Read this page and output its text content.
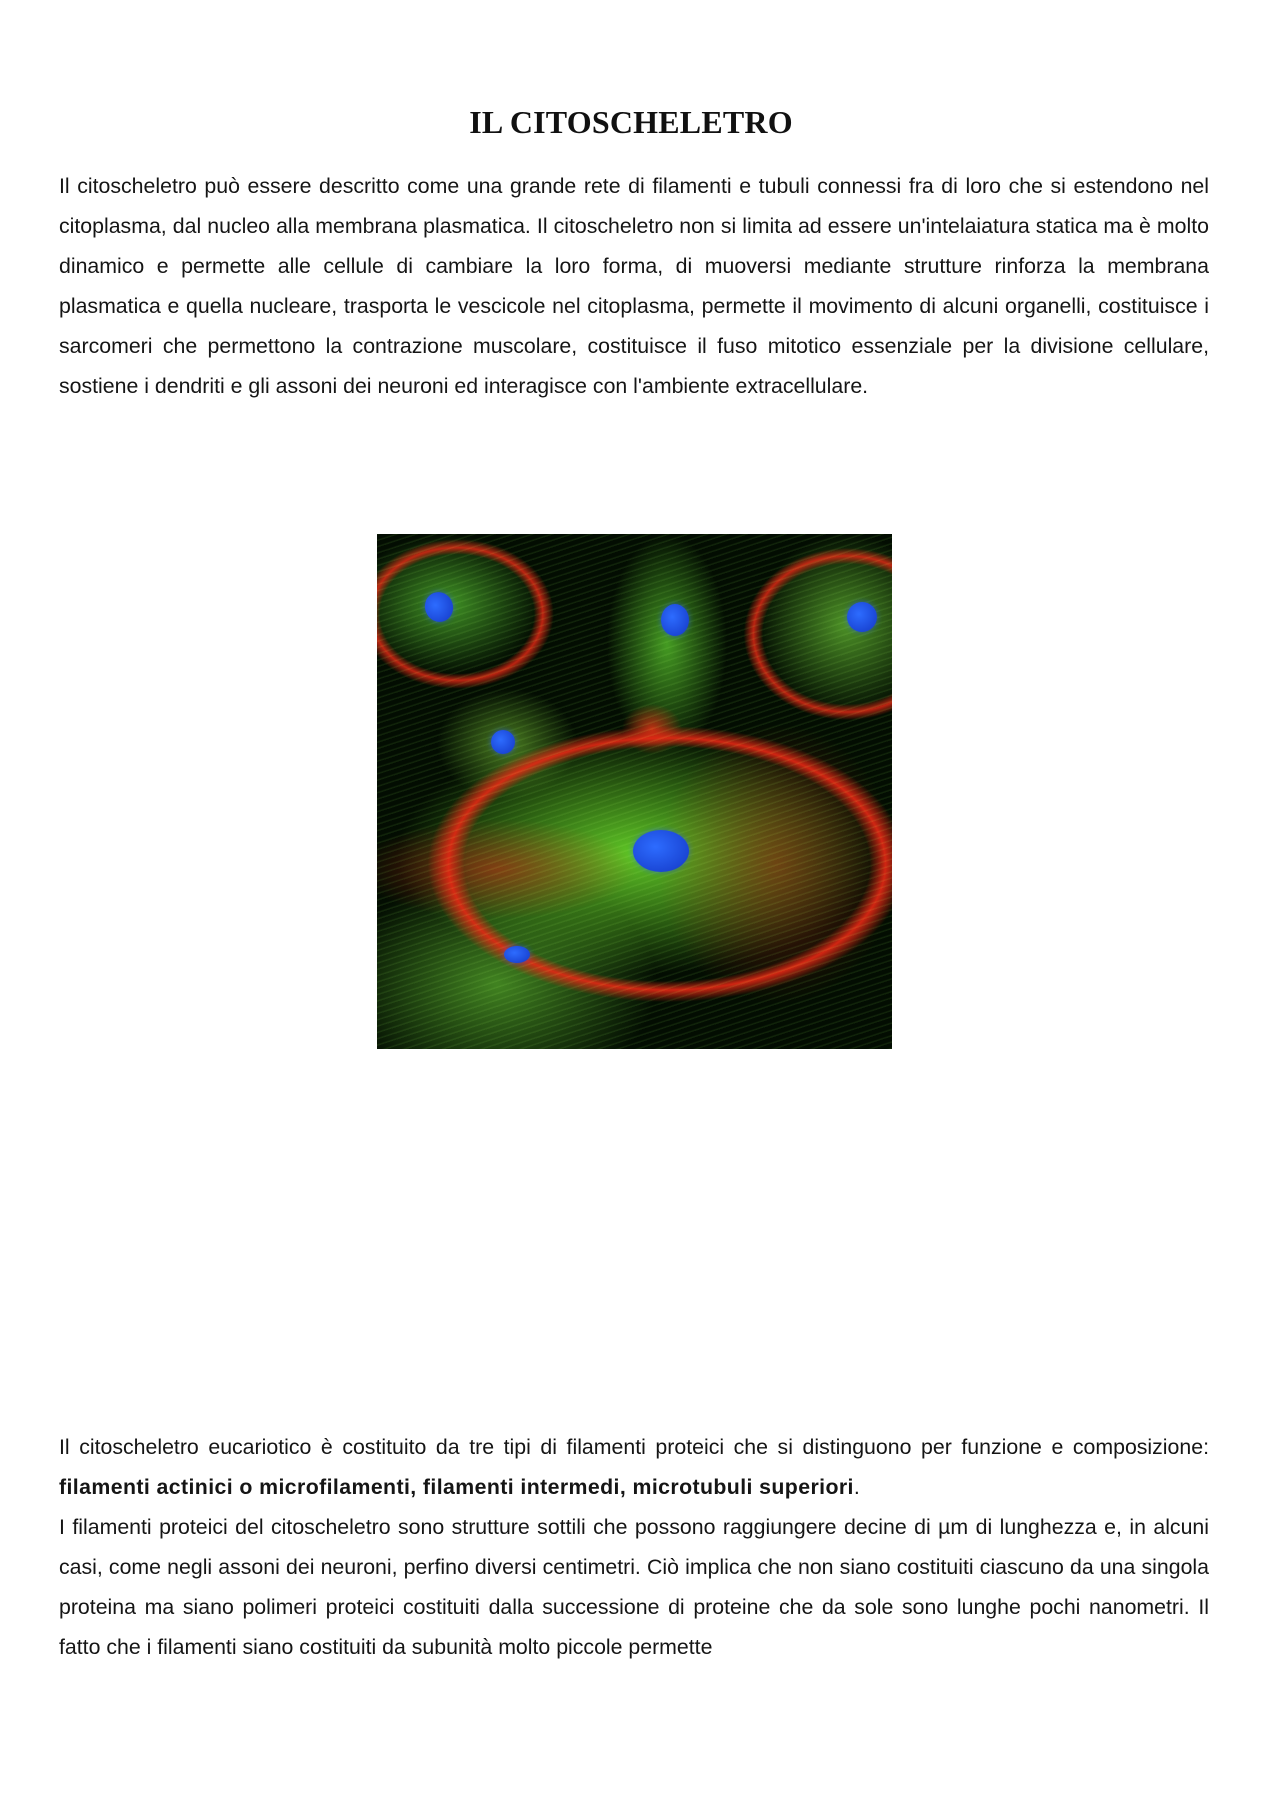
IL CITOSCHELETRO

Il citoscheletro può essere descritto come una grande rete di filamenti e tubuli connessi fra di loro che si estendono nel citoplasma, dal nucleo alla membrana plasmatica. Il citoscheletro non si limita ad essere un'intelaiatura statica ma è molto dinamico e permette alle cellule di cambiare la loro forma, di muoversi mediante strutture rinforza la membrana plasmatica e quella nucleare, trasporta le vescicole nel citoplasma, permette il movimento di alcuni organelli, costituisce i sarcomeri che permettono la contrazione muscolare, costituisce il fuso mitotico essenziale per la divisione cellulare, sostiene i dendriti e gli assoni dei neuroni ed interagisce con l'ambiente extracellulare.

Il citoscheletro eucariotico è costituito da tre tipi di filamenti proteici che si distinguono per funzione e composizione: filamenti actinici o microfilamenti, filamenti intermedi, microtubuli superiori.

I filamenti proteici del citoscheletro sono strutture sottili che possono raggiungere decine di µm di lunghezza e, in alcuni casi, come negli assoni dei neuroni, perfino diversi centimetri. Ciò implica che non siano costituiti ciascuno da una singola proteina ma siano polimeri proteici costituiti dalla successione di proteine che da sole sono lunghe pochi nanometri. Il fatto che i filamenti siano costituiti da subunità molto piccole permette
